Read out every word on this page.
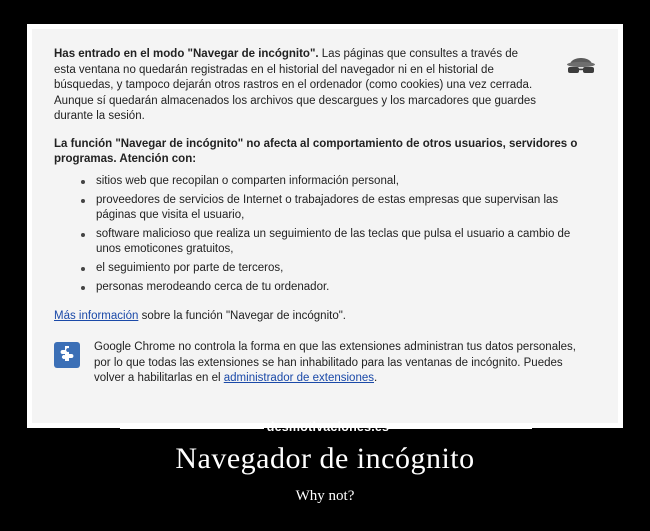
Has entrado en el modo "Navegar de incógnito". Las páginas que consultes a través de esta ventana no quedarán registradas en el historial del navegador ni en el historial de búsquedas, y tampoco dejarán otros rastros en el ordenador (como cookies) una vez cerrada. Aunque sí quedarán almacenados los archivos que descargues y los marcadores que guardes durante la sesión.

La función "Navegar de incógnito" no afecta al comportamiento de otros usuarios, servidores o programas. Atención con:

sitios web que recopilan o comparten información personal,
proveedores de servicios de Internet o trabajadores de estas empresas que supervisan las páginas que visita el usuario,
software malicioso que realiza un seguimiento de las teclas que pulsa el usuario a cambio de unos emoticones gratuitos,
el seguimiento por parte de terceros,
personas merodeando cerca de tu ordenador.
Más información sobre la función "Navegar de incógnito".
Google Chrome no controla la forma en que las extensiones administran tus datos personales, por lo que todas las extensiones se han inhabilitado para las ventanas de incógnito. Puedes volver a habilitarlas en el administrador de extensiones.
desmotivaciones.es
Navegador de incógnito
Why not?
